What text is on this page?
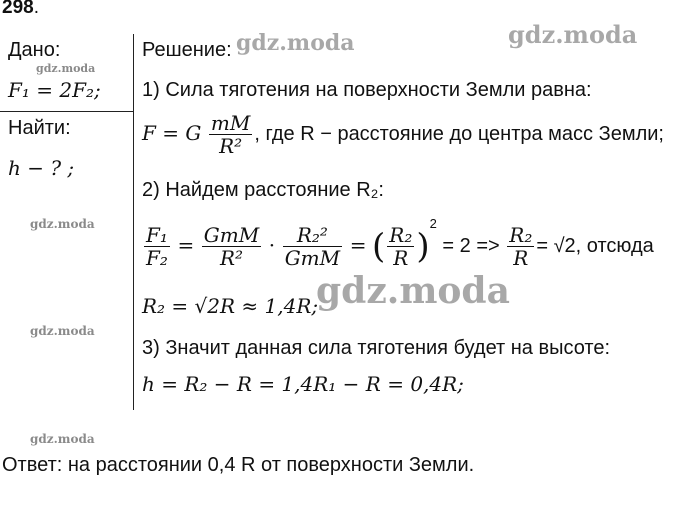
298.
Дано:
F₁ = 2F₂;
Найти:
h − ? ;
Решение:
1) Сила тяготения на поверхности Земли равна:
F = G $\frac{mM}{\text{R²}}$ , где R − расстояние до центра масс Земли;
2) Найдем расстояние R₂:
$\frac{\text{F₁}}{\text{F₂}} = \frac{\text{GmM}}{\text{R²}} \cdot \frac{\text{R₂²}}{\text{GmM}}$ = ( $\frac{\text{R₂}}{R} )^2 = 2 => \frac{\text{R₂}}{R} = √2$, отсюда
R₂ = √2R ≈ 1,4R;
3) Значит данная сила тяготения будет на высоте:
h = R₂ − R = 1,4R₁ − R = 0,4R;
Ответ: на расстоянии 0,4 R от поверхности Земли.
gdz.moda	gdz.moda
gdz.moda
gdz.moda
gdz.moda
gdz.moda
gdz.moda
